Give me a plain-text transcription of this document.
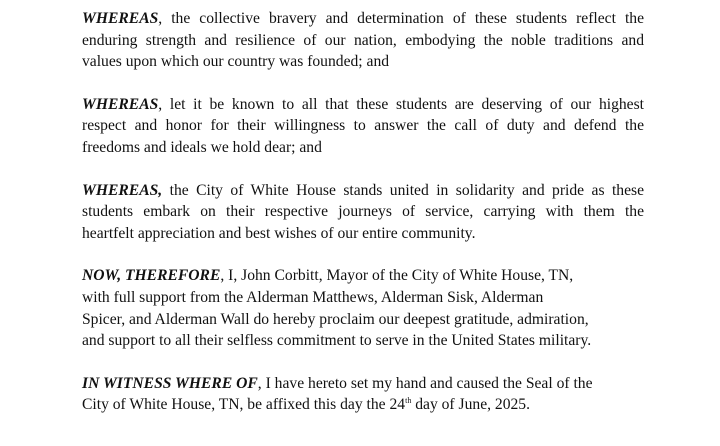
WHEREAS, the collective bravery and determination of these students reflect the
enduring strength and resilience of our nation, embodying the noble traditions and
values upon which our country was founded; and

WHEREAS, let it be known to all that these students are deserving of our highest
respect and honor for their willingness to answer the call of duty and defend the
freedoms and ideals we hold dear; and

WHEREAS, the City of White House stands united in solidarity and pride as these
students embark on their respective journeys of service, carrying with them the
heartfelt appreciation and best wishes of our entire community.

NOW, THEREFORE, I, John Corbitt, Mayor of the City of White House, TN,
with full support from the Alderman Matthews, Alderman Sisk, Alderman
Spicer, and Alderman Wall do hereby proclaim our deepest gratitude, admiration,
and support to all their selfless commitment to serve in the United States military.

IN WITNESS WHERE OF, I have hereto set my hand and caused the Seal of the
City of White House, TN, be affixed this day the 24th day of June, 2025.
